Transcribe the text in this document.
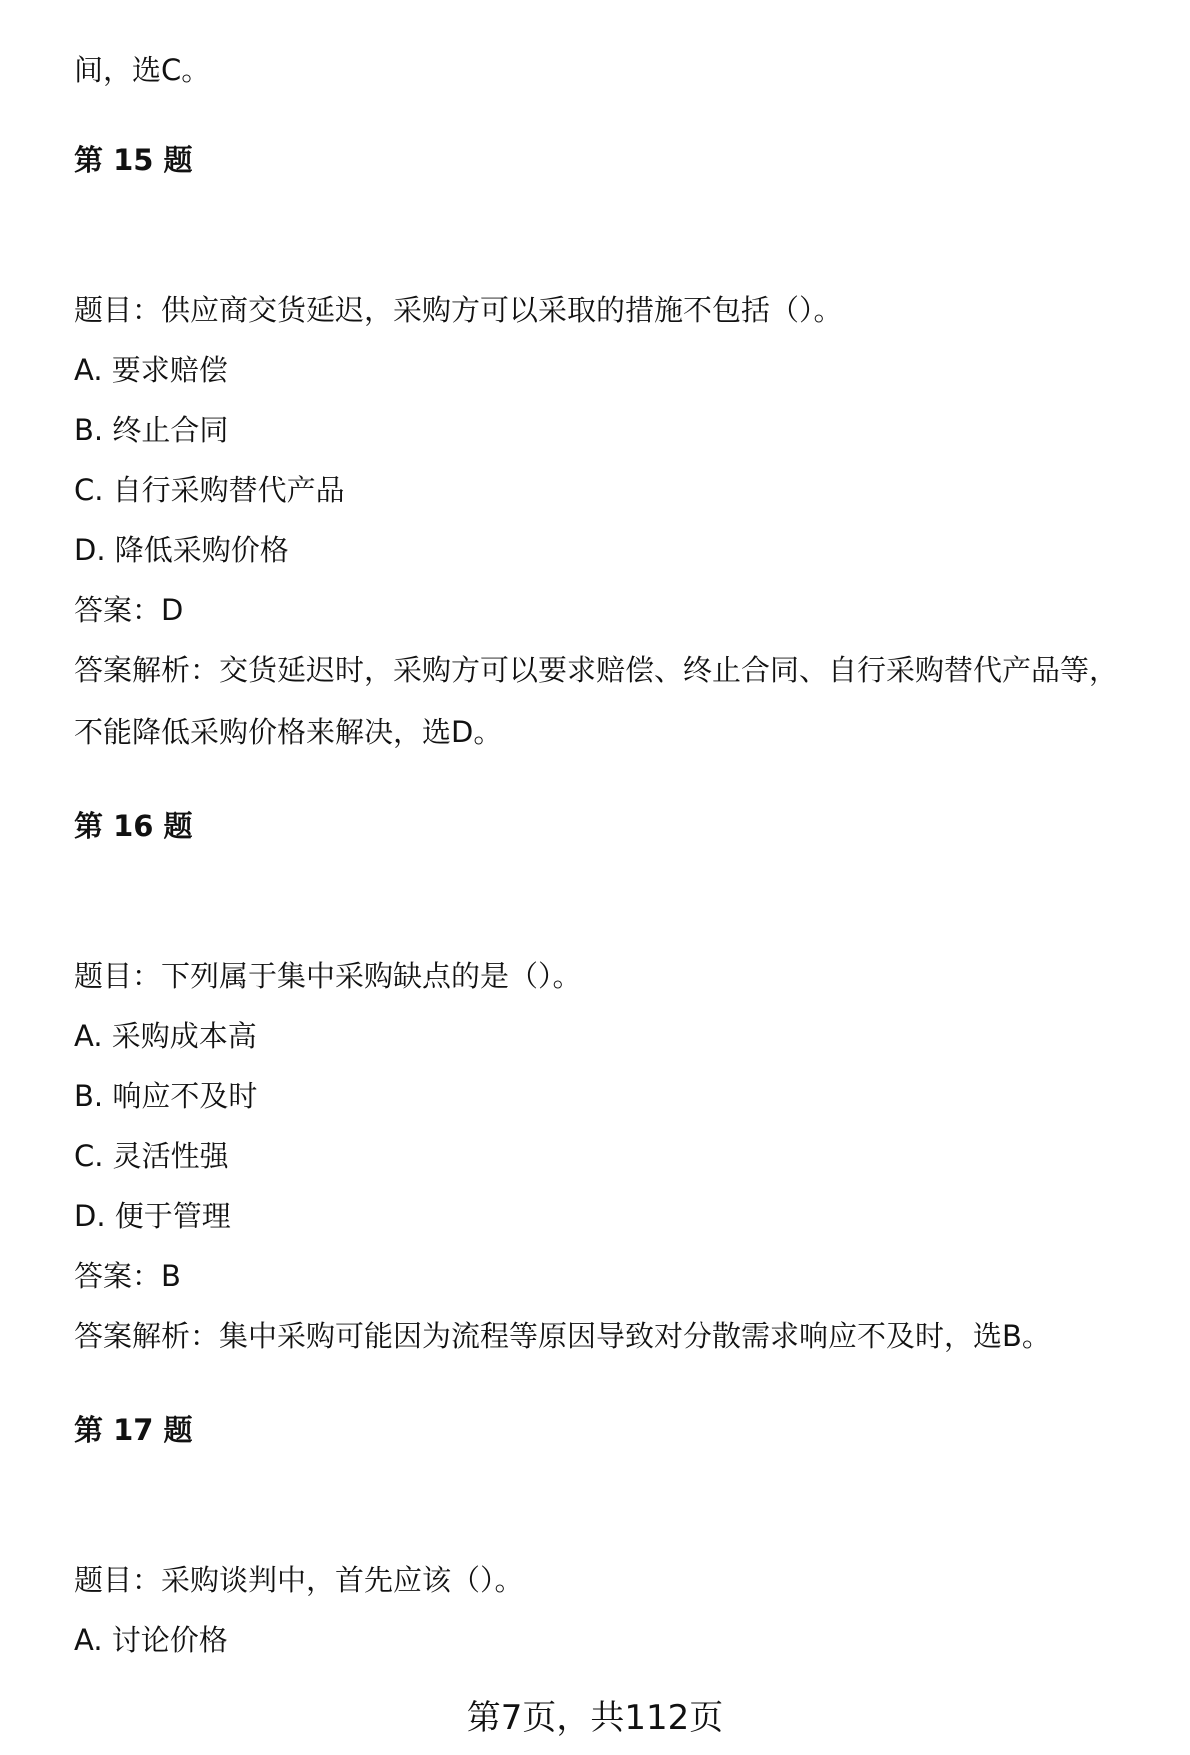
间，选C。
第 15 题
题目：供应商交货延迟，采购方可以采取的措施不包括（）。
A. 要求赔偿
B. 终止合同
C. 自行采购替代产品
D. 降低采购价格
答案：D
答案解析：交货延迟时，采购方可以要求赔偿、终止合同、自行采购替代产品等，
不能降低采购价格来解决，选D。
第 16 题
题目：下列属于集中采购缺点的是（）。
A. 采购成本高
B. 响应不及时
C. 灵活性强
D. 便于管理
答案：B
答案解析：集中采购可能因为流程等原因导致对分散需求响应不及时，选B。
第 17 题
题目：采购谈判中，首先应该（）。
A. 讨论价格
第7页，共112页
